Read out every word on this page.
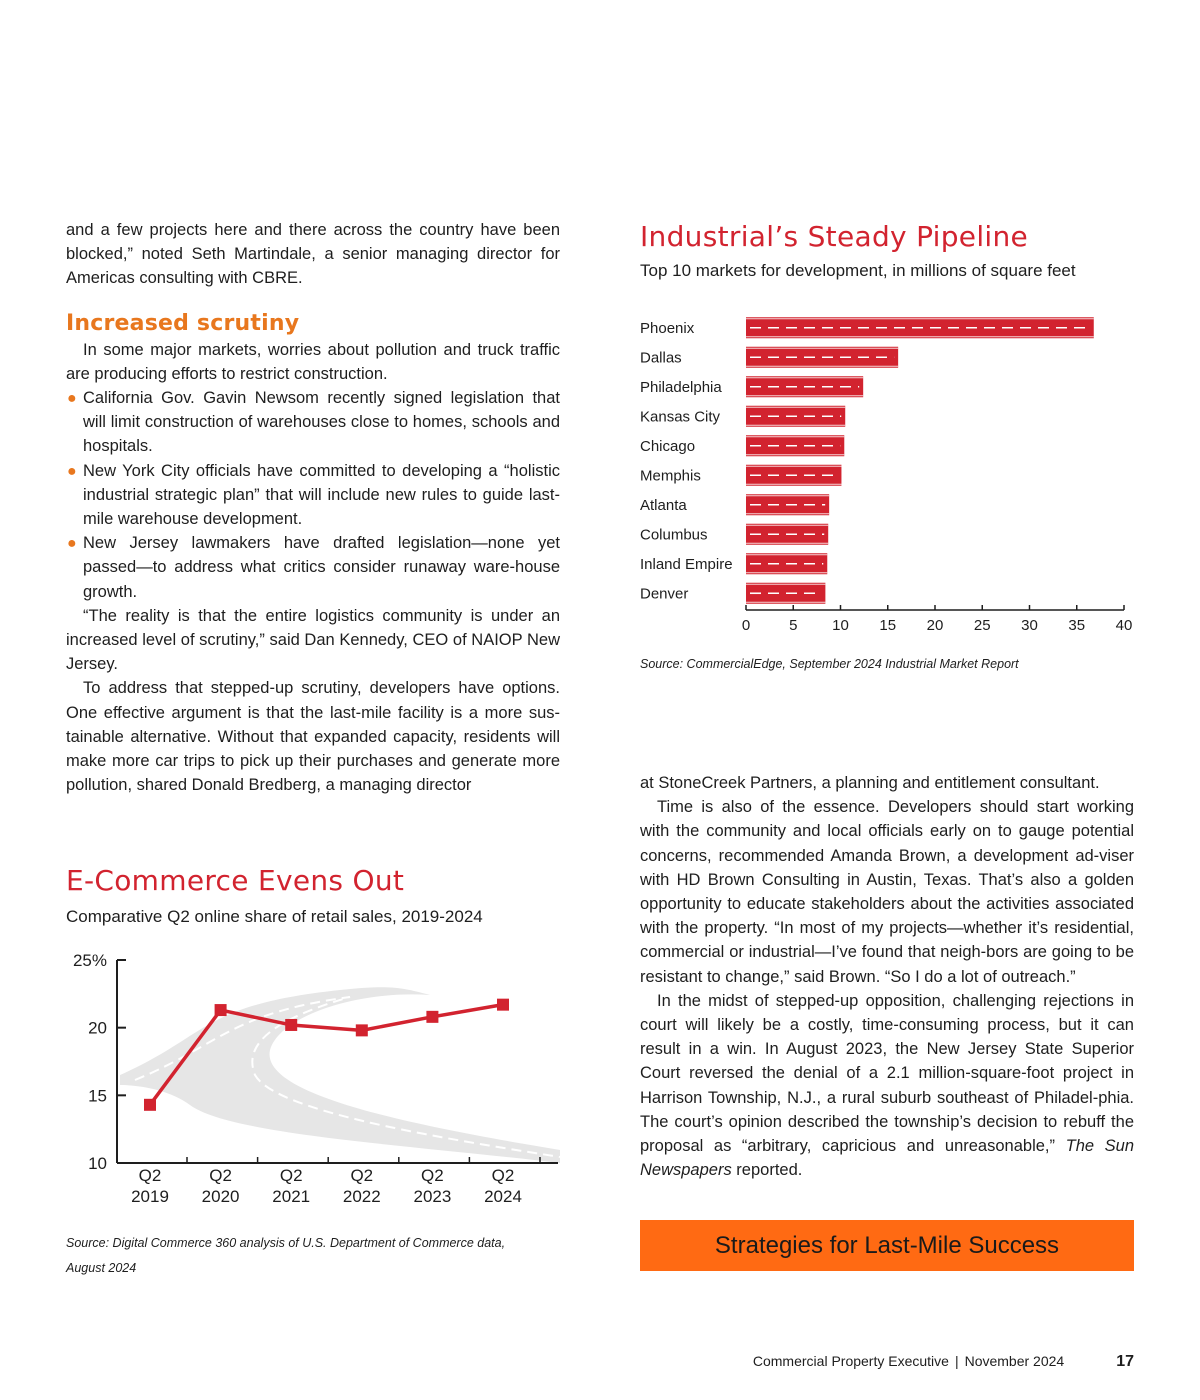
and a few projects here and there across the country have been blocked,” noted Seth Martindale, a senior managing director for Americas consulting with CBRE.

Increased scrutiny

In some major markets, worries about pollution and truck traffic are producing efforts to restrict construction.

● California Gov. Gavin Newsom recently signed legislation that will limit construction of warehouses close to homes, schools and hospitals.
● New York City officials have committed to developing a “holistic industrial strategic plan” that will include new rules to guide last-mile warehouse development.
● New Jersey lawmakers have drafted legislation—none yet passed—to address what critics consider runaway ware-house growth.

“The reality is that the entire logistics community is under an increased level of scrutiny,” said Dan Kennedy, CEO of NAIOP New Jersey.

To address that stepped-up scrutiny, developers have options. One effective argument is that the last-mile facility is a more sus-tainable alternative. Without that expanded capacity, residents will make more car trips to pick up their purchases and generate more pollution, shared Donald Bredberg, a managing director

Industrial’s Steady Pipeline

Top 10 markets for development, in millions of square feet

Phoenix
Dallas
Philadelphia
Kansas City
Chicago
Memphis
Atlanta
Columbus
Inland Empire
Denver
0	5 10 15 20 25 30 35 40
Source: CommercialEdge, September 2024 Industrial Market Report
E-Commerce Evens Out

Comparative Q2 online share of retail sales, 2019-2024

10
15
20
25%
Q2
2019
Q2
2020
Q2
2021
Q2
2022
Q2
2023
Q2
2024
Source: Digital Commerce 360 analysis of U.S. Department of Commerce data,
August 2024

at StoneCreek Partners, a planning and entitlement consultant.

Time is also of the essence. Developers should start working with the community and local officials early on to gauge potential concerns, recommended Amanda Brown, a development ad-viser with HD Brown Consulting in Austin, Texas. That’s also a golden opportunity to educate stakeholders about the activities associated with the property. “In most of my projects—whether it’s residential, commercial or industrial—I’ve found that neigh-bors are going to be resistant to change,” said Brown. “So I do a lot of outreach.”

In the midst of stepped-up opposition, challenging rejections in court will likely be a costly, time-consuming process, but it can result in a win. In August 2023, the New Jersey State Superior Court reversed the denial of a 2.1 million-square-foot project in Harrison Township, N.J., a rural suburb southeast of Philadel-phia. The court’s opinion described the township’s decision to rebuff the proposal as “arbitrary, capricious and unreasonable,” The Sun Newspapers reported.

Strategies for Last-Mile Success
Commercial Property Executive | November 2024	17
